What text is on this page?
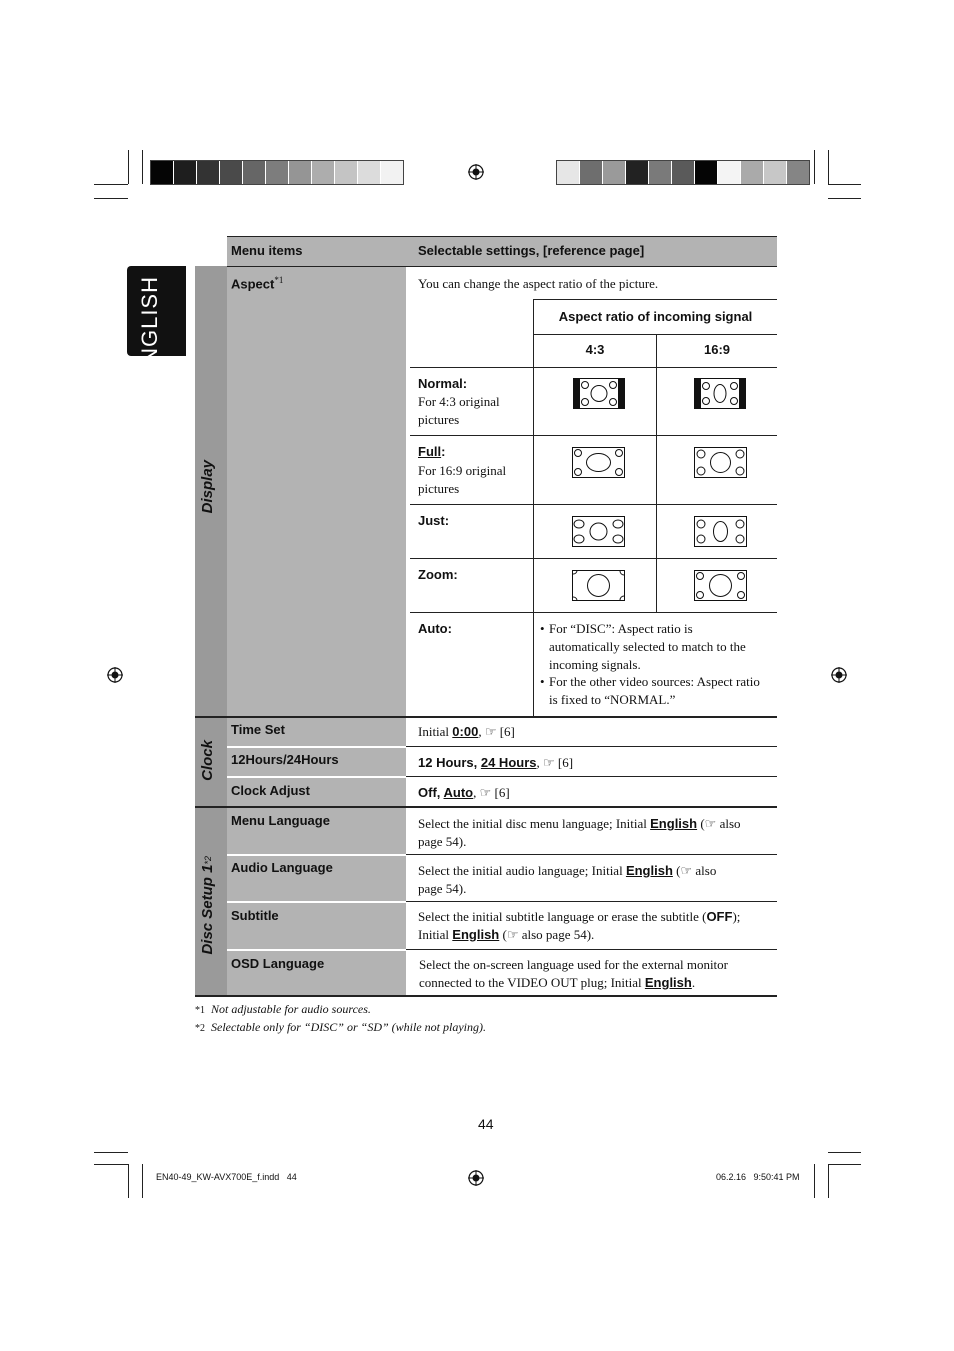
ENGLISH
Menu items	Selectable settings, [reference page]
Display
Clock
Disc Setup 1*2
Aspect$^{*1}$	You can change the aspect ratio of the picture.
Aspect ratio of incoming signal
4:3	16:9
Normal:
For 4:3 original pictures
Full:
For 16:9 original pictures
Just:
Zoom:
Auto:	• For “DISC”: Aspect ratio is automatically selected to match to the incoming signals.
• For the other video sources: Aspect ratio is fixed to “NORMAL.”
Time Set	Initial 0:00, ☞ [6]
12Hours/24Hours	12 Hours, 24 Hours, ☞ [6]
Clock Adjust	Off, Auto, ☞ [6]
Menu Language	Select the initial disc menu language; Initial English (☞ also
page 54).
Audio Language	Select the initial audio language; Initial English (☞ also
page 54).
Subtitle	Select the initial subtitle language or erase the subtitle (OFF);
Initial English (☞ also page 54).
OSD Language	Select the on-screen language used for the external monitor
connected to the VIDEO OUT plug; Initial English.
*1 Not adjustable for audio sources.
*2 Selectable only for “DISC” or “SD” (while not playing).
44
EN40-49_KW-AVX700E_f.indd   44	06.2.16   9:50:41 PM
